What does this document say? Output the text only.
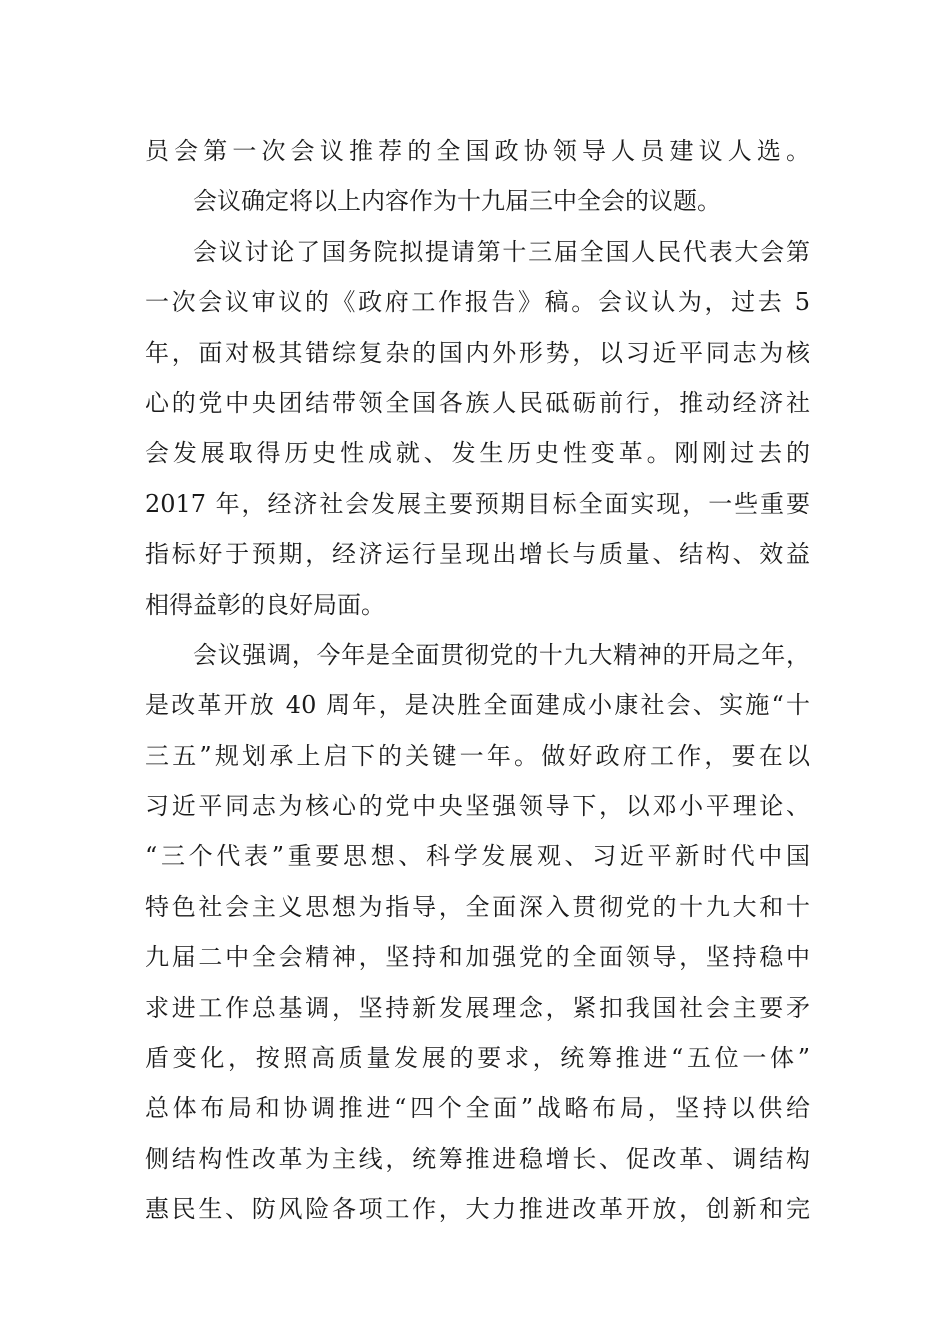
员会第一次会议推荐的全国政协领导人员建议人选。
会议确定将以上内容作为十九届三中全会的议题。
会议讨论了国务院拟提请第十三届全国人民代表大会第
一次会议审议的《政府工作报告》稿。会议认为，过去 5
年，面对极其错综复杂的国内外形势，以习近平同志为核
心的党中央团结带领全国各族人民砥砺前行，推动经济社
会发展取得历史性成就、发生历史性变革。刚刚过去的
2017 年，经济社会发展主要预期目标全面实现，一些重要
指标好于预期，经济运行呈现出增长与质量、结构、效益
相得益彰的良好局面。
会议强调，今年是全面贯彻党的十九大精神的开局之年，
是改革开放 40 周年，是决胜全面建成小康社会、实施“十
三五”规划承上启下的关键一年。做好政府工作，要在以
习近平同志为核心的党中央坚强领导下，以邓小平理论、
“三个代表”重要思想、科学发展观、习近平新时代中国
特色社会主义思想为指导，全面深入贯彻党的十九大和十
九届二中全会精神，坚持和加强党的全面领导，坚持稳中
求进工作总基调，坚持新发展理念，紧扣我国社会主要矛
盾变化，按照高质量发展的要求，统筹推进“五位一体”
总体布局和协调推进“四个全面”战略布局，坚持以供给
侧结构性改革为主线，统筹推进稳增长、促改革、调结构
惠民生、防风险各项工作，大力推进改革开放，创新和完
